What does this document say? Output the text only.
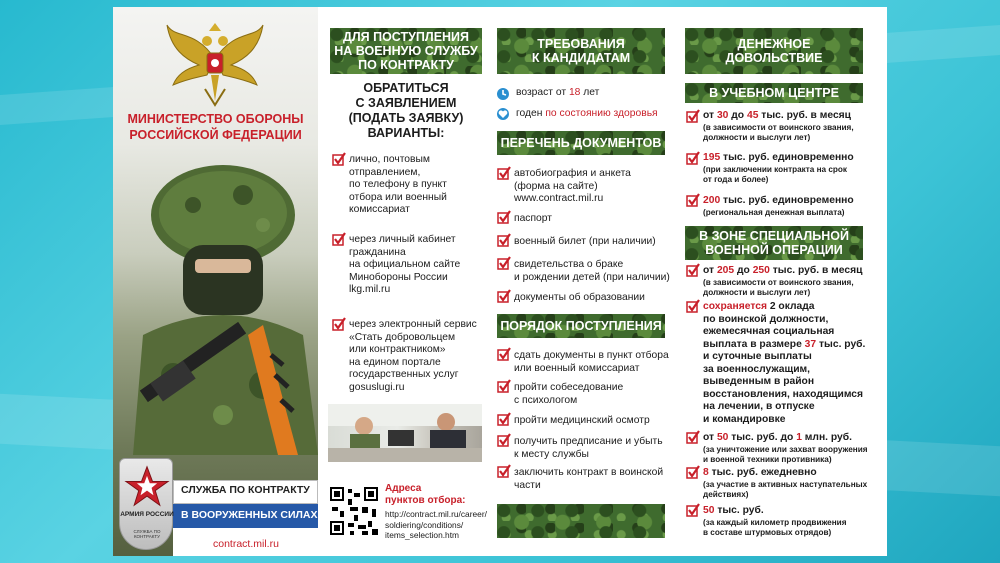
МИНИСТЕРСТВО ОБОРОНЫ
РОССИЙСКОЙ ФЕДЕРАЦИИ
СЛУЖБА ПО КОНТРАКТУ
В ВООРУЖЕННЫХ СИЛАХ
contract.mil.ru
АРМИЯ РОССИИ
СЛУЖБА ПО КОНТРАКТУ
ДЛЯ ПОСТУПЛЕНИЯ
НА ВОЕННУЮ СЛУЖБУ
ПО КОНТРАКТУ
ОБРАТИТЬСЯ
С ЗАЯВЛЕНИЕМ
(ПОДАТЬ ЗАЯВКУ)
ВАРИАНТЫ:
лично, почтовым
отправлением,
по телефону в пункт
отбора или военный
комиссариат
через личный кабинет
гражданина
на официальном сайте
Минобороны России
lkg.mil.ru
через электронный сервис
«Стать добровольцем
или контрактником»
на едином портале
государственных услуг
gosuslugi.ru
Адреса
пунктов отбора:
http://contract.mil.ru/career/
soldiering/conditions/
items_selection.htm
ТРЕБОВАНИЯ
К КАНДИДАТАМ
возраст от 18 лет
годен по состоянию здоровья
ПЕРЕЧЕНЬ ДОКУМЕНТОВ
автобиография и анкета
(форма на сайте)
www.contract.mil.ru
паспорт
военный билет (при наличии)
свидетельства о браке
и рождении детей (при наличии)
документы об образовании
ПОРЯДОК ПОСТУПЛЕНИЯ
сдать документы в пункт отбора
или военный комиссариат
пройти собеседование
с психологом
пройти медицинский осмотр
получить предписание и убыть
к месту службы
заключить контракт в воинской
части
ДЕНЕЖНОЕ
ДОВОЛЬСТВИЕ
В УЧЕБНОМ ЦЕНТРЕ
от 30 до 45 тыс. руб. в месяц
(в зависимости от воинского звания,
должности и выслуги лет)
195 тыс. руб. единовременно
(при заключении контракта на срок
от года и более)
200 тыс. руб. единовременно
(региональная денежная выплата)
В ЗОНЕ СПЕЦИАЛЬНОЙ
ВОЕННОЙ ОПЕРАЦИИ
от 205 до 250 тыс. руб. в месяц
(в зависимости от воинского звания,
должности и выслуги лет)
сохраняется 2 оклада
по воинской должности,
ежемесячная социальная
выплата в размере 37 тыс. руб.
и суточные выплаты
за военнослужащим,
выведенным в район
восстановления, находящимся
на лечении, в отпуске
и командировке
от 50 тыс. руб. до 1 млн. руб.
(за уничтожение или захват вооружения
и военной техники противника)
8 тыс. руб. ежедневно
(за участие в активных наступательных
действиях)
50 тыс. руб.
(за каждый километр продвижения
в составе штурмовых отрядов)
